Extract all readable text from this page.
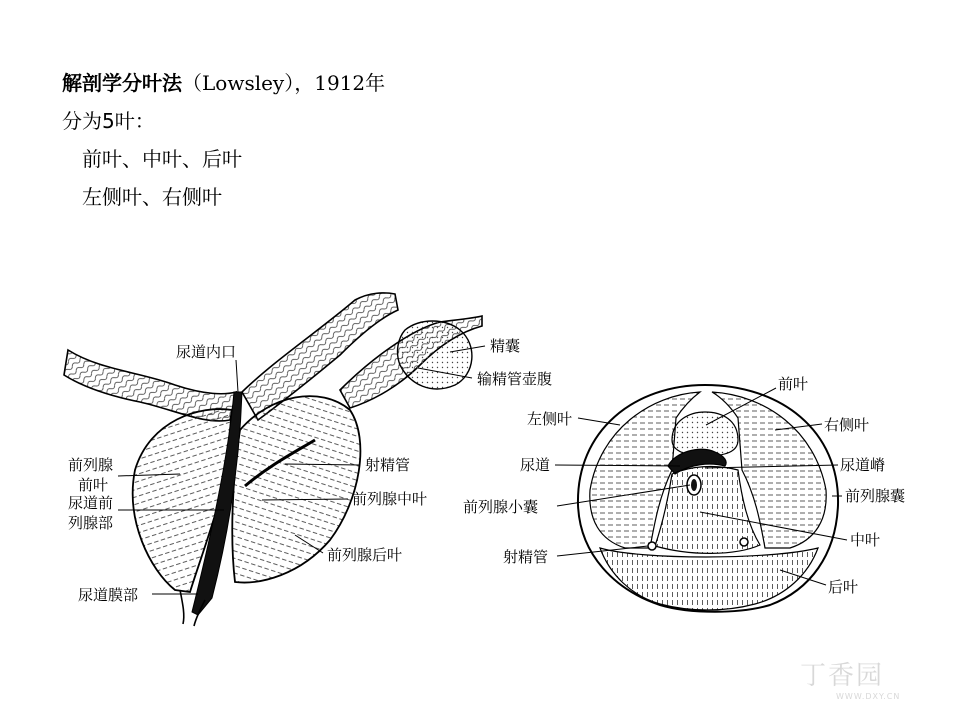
解剖学分叶法（Lowsley），1912年
分为5叶：
前叶、中叶、后叶
左侧叶、右侧叶
尿道内口	精囊
输精管壶腹
前列腺
前叶
射精管
尿道前
列腺部
前列腺中叶
前列腺后叶
尿道膜部
前叶
左侧叶	右侧叶
尿道	尿道嵴
前列腺囊
前列腺小囊
中叶
射精管
后叶
丁香园
WWW.DXY.CN
